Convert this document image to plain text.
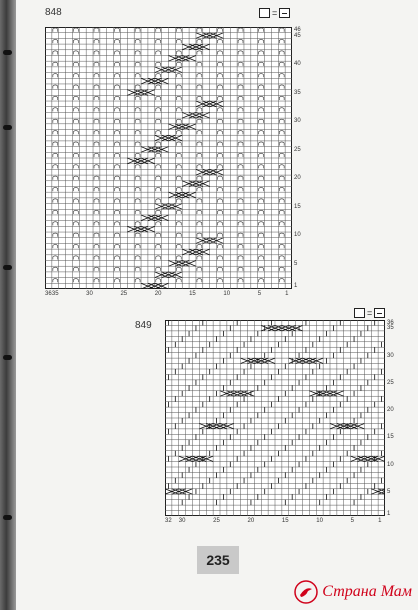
848	=
46
45
40
35
30
25
20
15
10
5
1
36 35	30	25	20	15	10	5	1
849
=
36
35
30
25
20
15
10
5
1
32 30	25	20	15	10	5	1
235
Страна Мам
